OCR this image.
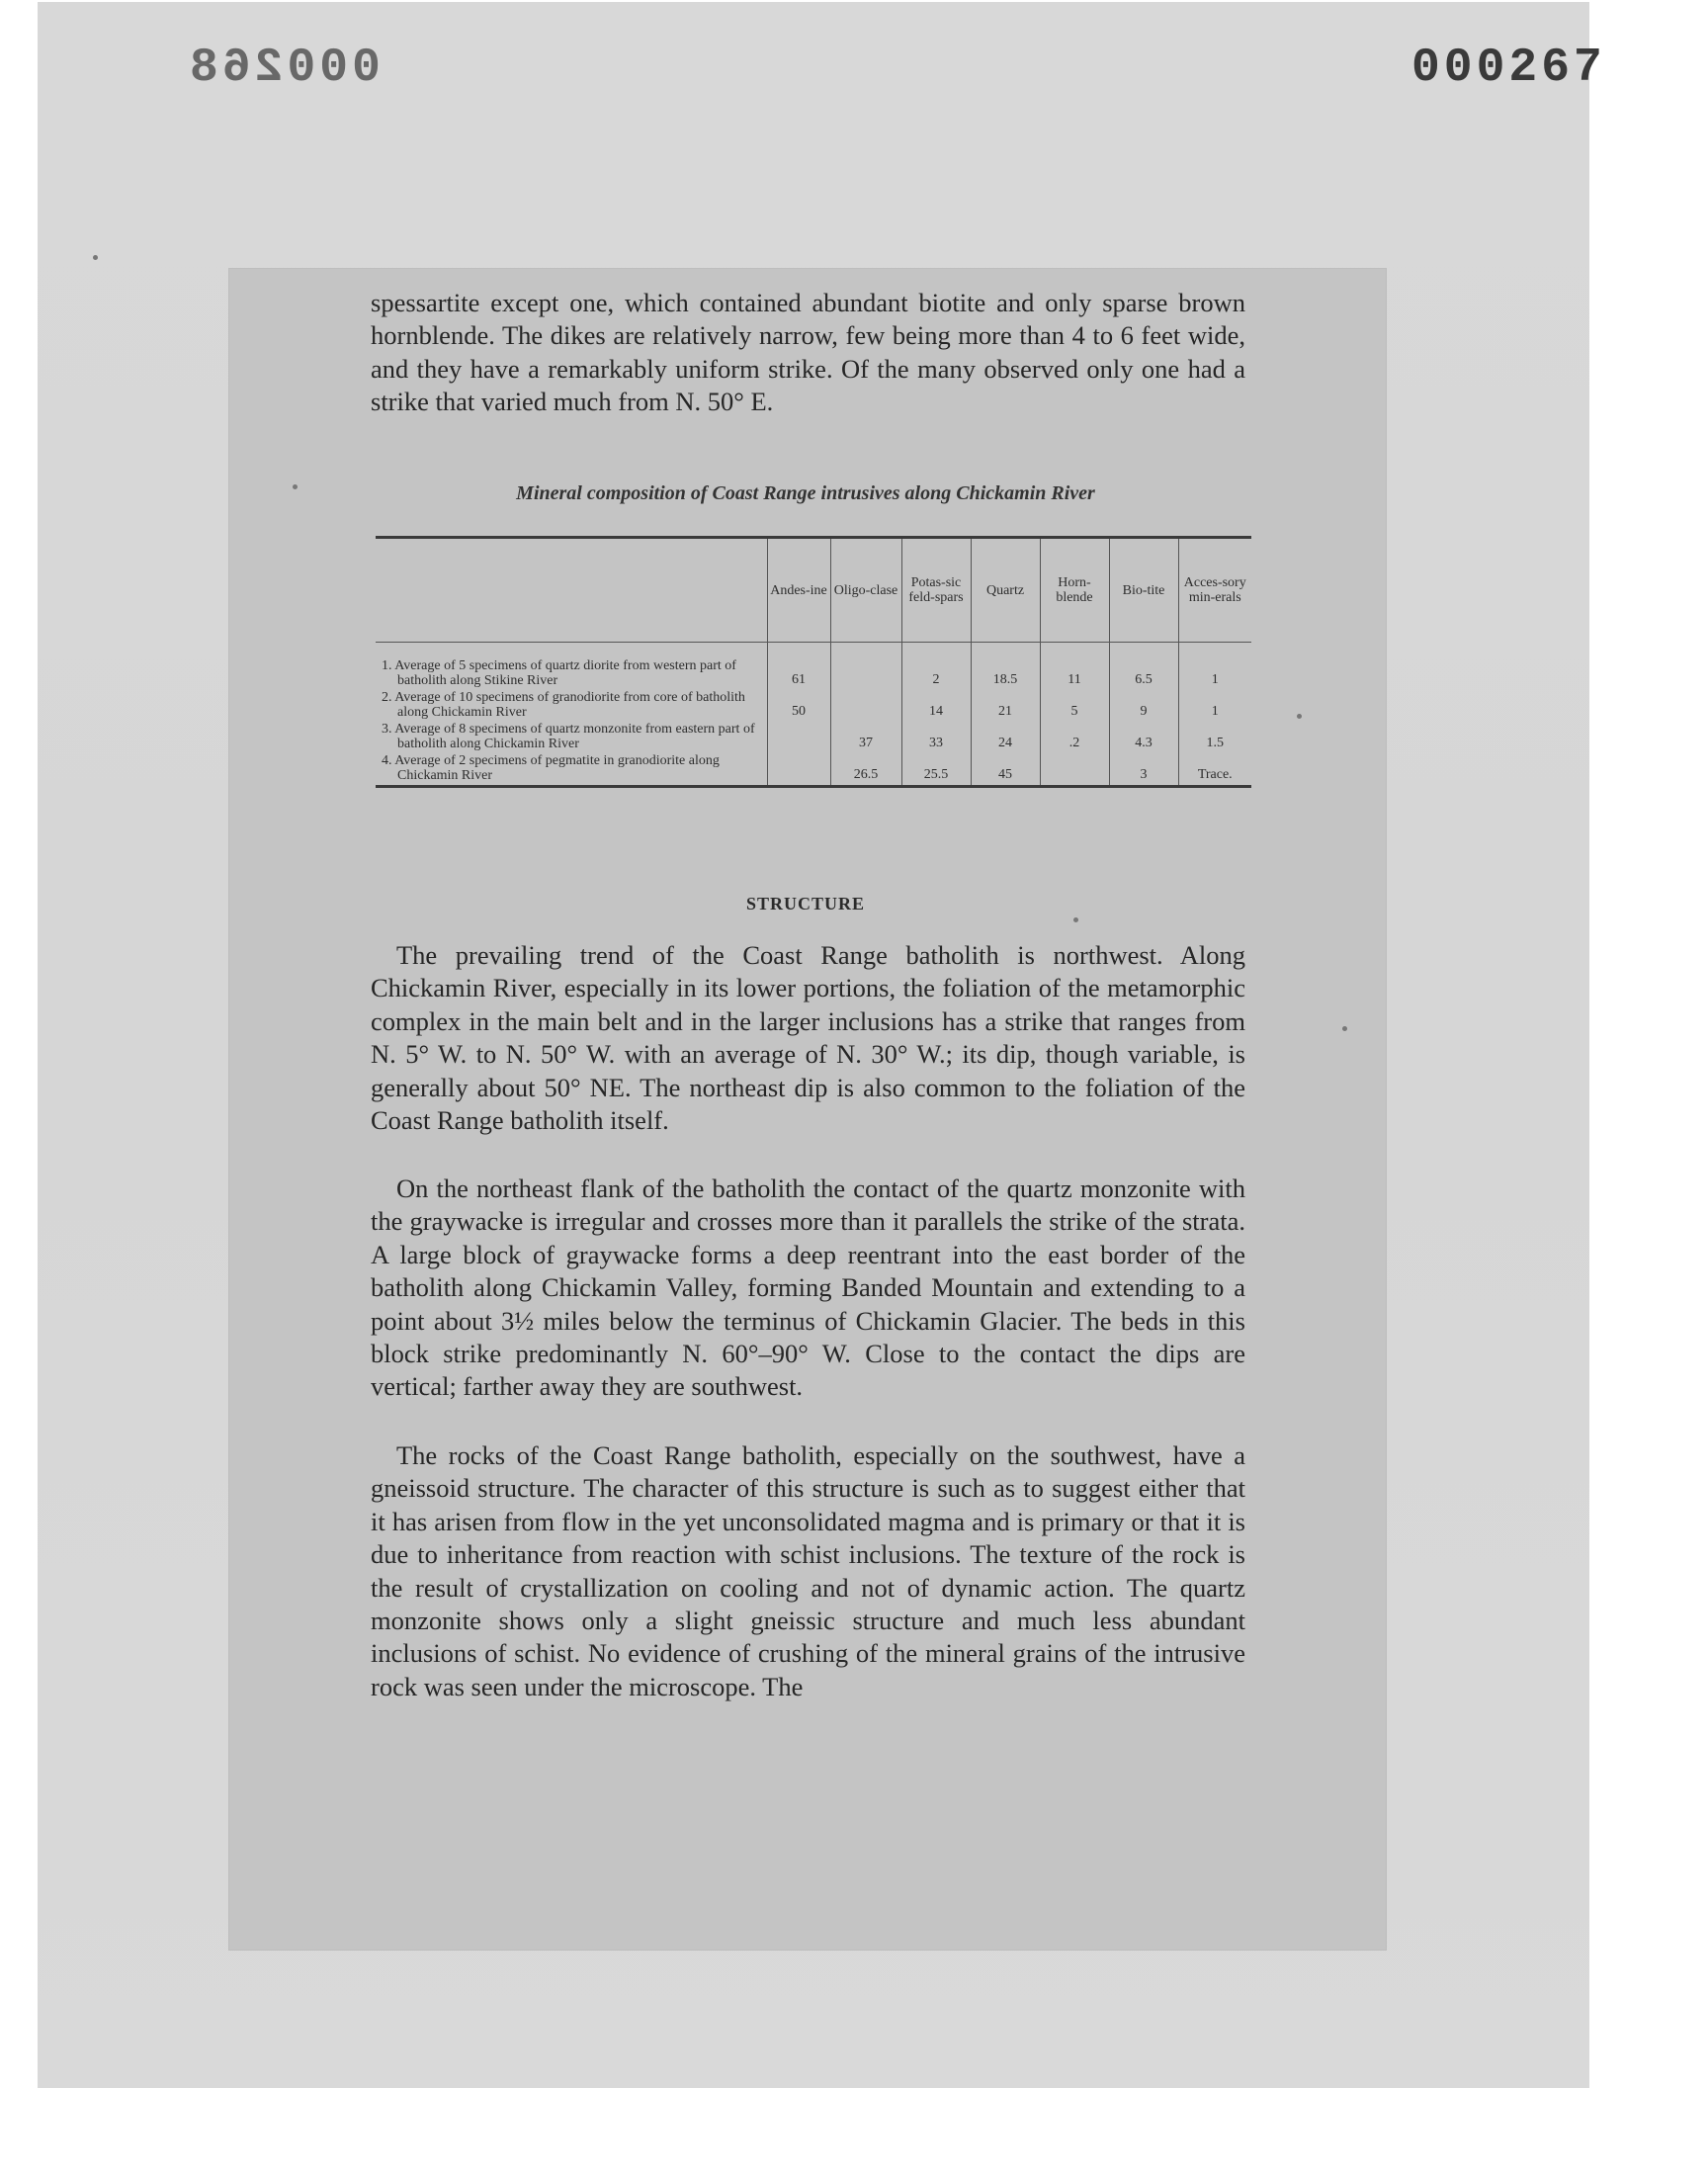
000268	000267

spessartite except one, which contained abundant biotite and only sparse brown hornblende. The dikes are relatively narrow, few being more than 4 to 6 feet wide, and they have a remarkably uniform strike. Of the many observed only one had a strike that varied much from N. 50° E.

Mineral composition of Coast Range intrusives along Chickamin River
	Andes-ine	Oligo-clase	Potas-sic feld-spars	Quartz	Horn-blende	Bio-tite	Acces-sory min-erals
1. Average of 5 specimens of quartz diorite from western part of batholith along Stikine River	61		2	18.5	11	6.5	1
2. Average of 10 specimens of granodiorite from core of batholith along Chickamin River	50		14	21	5	9	1
3. Average of 8 specimens of quartz monzonite from eastern part of batholith along Chickamin River		37	33	24	.2	4.3	1.5
4. Average of 2 specimens of pegmatite in granodiorite along Chickamin River		26.5	25.5	45		3	Trace.
STRUCTURE

The prevailing trend of the Coast Range batholith is northwest. Along Chickamin River, especially in its lower portions, the foliation of the metamorphic complex in the main belt and in the larger inclusions has a strike that ranges from N. 5° W. to N. 50° W. with an average of N. 30° W.; its dip, though variable, is generally about 50° NE. The northeast dip is also common to the foliation of the Coast Range batholith itself.

On the northeast flank of the batholith the contact of the quartz monzonite with the graywacke is irregular and crosses more than it parallels the strike of the strata. A large block of graywacke forms a deep reentrant into the east border of the batholith along Chickamin Valley, forming Banded Mountain and extending to a point about 3½ miles below the terminus of Chickamin Glacier. The beds in this block strike predominantly N. 60°–90° W. Close to the contact the dips are vertical; farther away they are southwest.

The rocks of the Coast Range batholith, especially on the southwest, have a gneissoid structure. The character of this structure is such as to suggest either that it has arisen from flow in the yet unconsolidated magma and is primary or that it is due to inheritance from reaction with schist inclusions. The texture of the rock is the result of crystallization on cooling and not of dynamic action. The quartz monzonite shows only a slight gneissic structure and much less abundant inclusions of schist. No evidence of crushing of the mineral grains of the intrusive rock was seen under the microscope. The
